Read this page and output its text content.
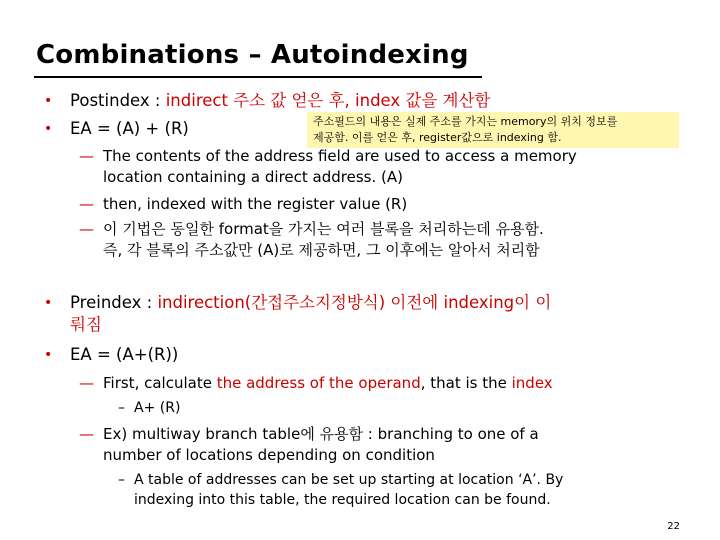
Combinations – Autoindexing
• Postindex : indirect 주소 값 얻은 후, index 값을 계산함
• EA = (A) + (R)	주소필드의 내용은 실제 주소를 가지는 memory의 위치 정보를
제공함. 이를 얻은 후, register값으로 indexing 함.
— The contents of the address field are used to access a memory
location containing a direct address. (A)
— then, indexed with the register value (R)
— 이 기법은 동일한 format을 가지는 여러 블록을 처리하는데 유용함.
즉, 각 블록의 주소값만 (A)로 제공하면, 그 이후에는 알아서 처리함
• Preindex : indirection(간접주소지정방식) 이전에 indexing이 이
뤄짐
• EA = (A+(R))
— First, calculate the address of the operand, that is the index
– A+ (R)
— Ex) multiway branch table에 유용함 : branching to one of a
number of locations depending on condition
– A table of addresses can be set up starting at location ‘A’. By
indexing into this table, the required location can be found.
22
